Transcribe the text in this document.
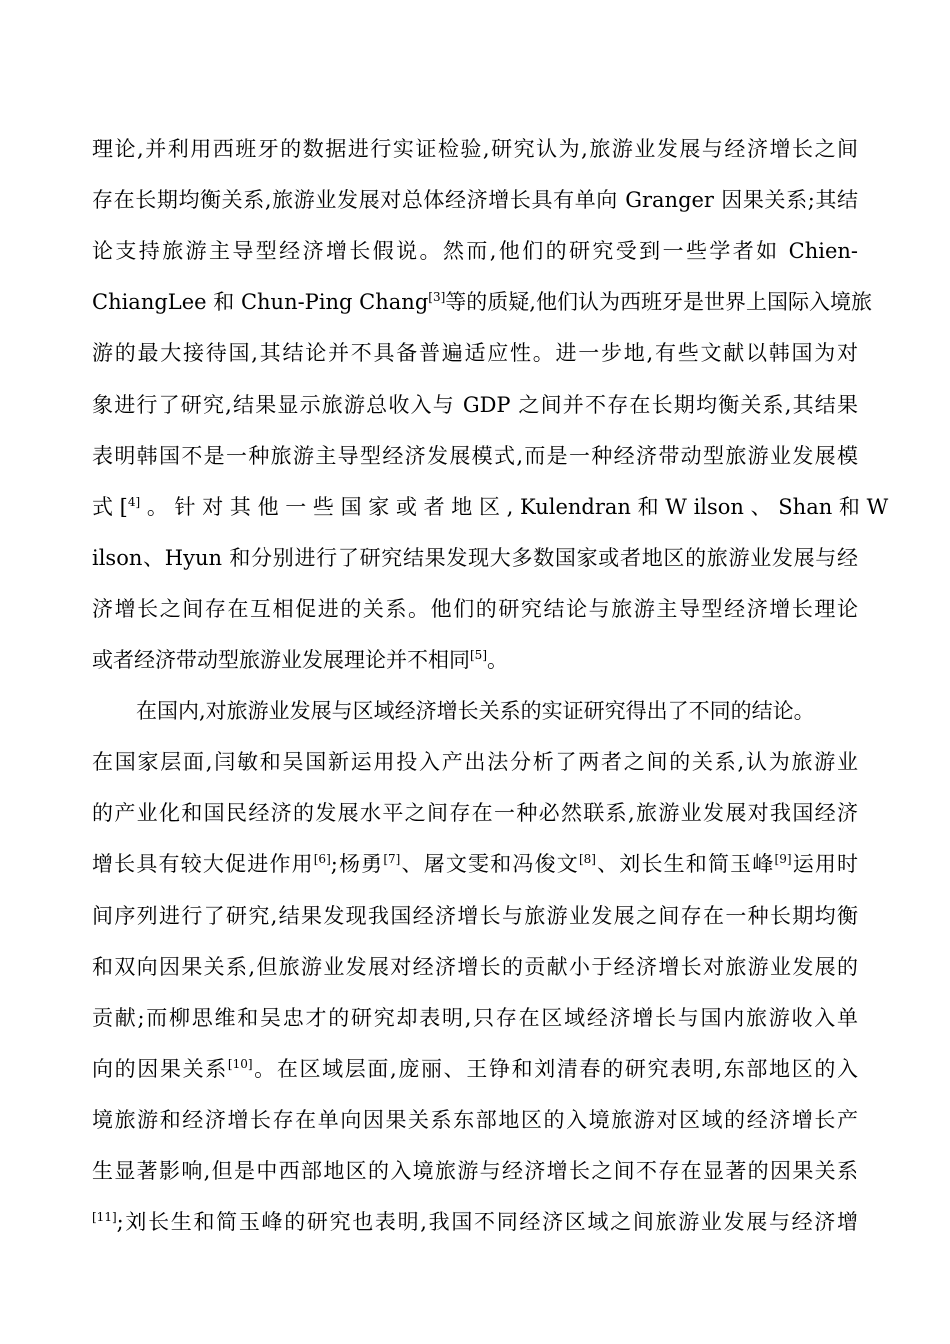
理论,并利用西班牙的数据进行实证检验,研究认为,旅游业发展与经济增长之间
存在长期均衡关系,旅游业发展对总体经济增长具有单向 Granger 因果关系;其结
论支持旅游主导型经济增长假说。然而,他们的研究受到一些学者如 Chien-
ChiangLee 和 Chun-Ping Chang[3]等的质疑,他们认为西班牙是世界上国际入境旅
游的最大接待国,其结论并不具备普遍适应性。进一步地,有些文献以韩国为对
象进行了研究,结果显示旅游总收入与 GDP 之间并不存在长期均衡关系,其结果
表明韩国不是一种旅游主导型经济发展模式,而是一种经济带动型旅游业发展模
式 [$^{4]}$ 。 针 对 其 他 一 些 国 家 或 者 地 区 , Kulendran 和 W ilson 、 Shan 和 W
ilson、Hyun 和分别进行了研究结果发现大多数国家或者地区的旅游业发展与经
济增长之间存在互相促进的关系。他们的研究结论与旅游主导型经济增长理论
或者经济带动型旅游业发展理论并不相同[5]。
在国内,对旅游业发展与区域经济增长关系的实证研究得出了不同的结论。
在国家层面,闫敏和吴国新运用投入产出法分析了两者之间的关系,认为旅游业
的产业化和国民经济的发展水平之间存在一种必然联系,旅游业发展对我国经济
增长具有较大促进作用[6];杨勇[7]、屠文雯和冯俊文[8]、刘长生和简玉峰[9]运用时
间序列进行了研究,结果发现我国经济增长与旅游业发展之间存在一种长期均衡
和双向因果关系,但旅游业发展对经济增长的贡献小于经济增长对旅游业发展的
贡献;而柳思维和吴忠才的研究却表明,只存在区域经济增长与国内旅游收入单
向的因果关系[10]。在区域层面,庞丽、王铮和刘清春的研究表明,东部地区的入
境旅游和经济增长存在单向因果关系东部地区的入境旅游对区域的经济增长产
生显著影响,但是中西部地区的入境旅游与经济增长之间不存在显著的因果关系
[11];刘长生和简玉峰的研究也表明,我国不同经济区域之间旅游业发展与经济增
